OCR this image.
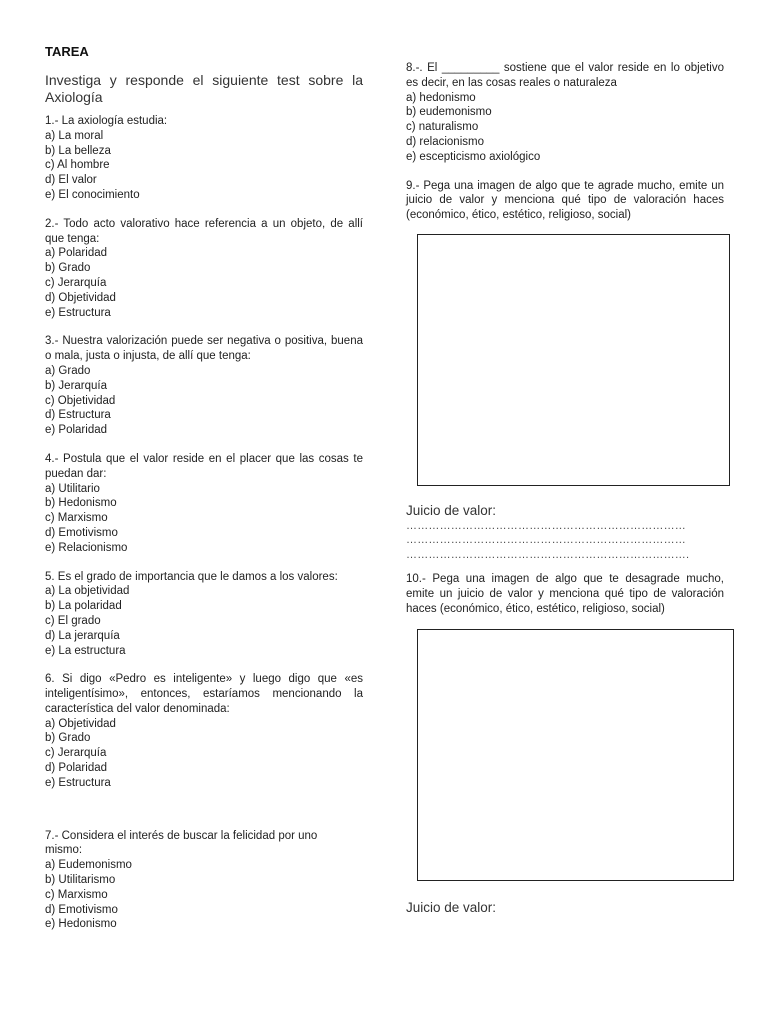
TAREA
Investiga y responde el siguiente test sobre la Axiología

1.- La axiología estudia:

a) La moral
b) La belleza
c) Al hombre
d) El valor
e) El conocimiento

2.- Todo acto valorativo hace referencia a un objeto, de allí que tenga:

a) Polaridad
b) Grado
c) Jerarquía
d) Objetividad
e) Estructura

3.- Nuestra valorización puede ser negativa o positiva, buena o mala, justa o injusta, de allí que tenga:

a) Grado
b) Jerarquía
c) Objetividad
d) Estructura
e) Polaridad

4.- Postula que el valor reside en el placer que las cosas te puedan dar:

a) Utilitario
b) Hedonismo
c) Marxismo
d) Emotivismo
e) Relacionismo

5. Es el grado de importancia que le damos a los valores:

a) La objetividad
b) La polaridad
c) El grado
d) La jerarquía
e) La estructura

6. Si digo «Pedro es inteligente» y luego digo que «es inteligentísimo», entonces, estaríamos mencionando la característica del valor denominada:

a) Objetividad
b) Grado
c) Jerarquía
d) Polaridad
e) Estructura

7.- Considera el interés de buscar la felicidad por uno mismo:

a) Eudemonismo
b) Utilitarismo
c) Marxismo
d) Emotivismo
e) Hedonismo

8.-. El _________ sostiene que el valor reside en lo objetivo es decir, en las cosas reales o naturaleza

a) hedonismo
b) eudemonismo
c) naturalismo
d) relacionismo
e) escepticismo axiológico

9.- Pega una imagen de algo que te agrade mucho, emite un juicio de valor y menciona qué tipo de valoración haces (económico, ético, estético, religioso, social)

Juicio de valor:
…………………………………………………………………
…………………………………………………………………
………………………………………………………………….

10.- Pega una imagen de algo que te desagrade mucho, emite un juicio de valor y menciona qué tipo de valoración haces (económico, ético, estético, religioso, social)

Juicio de valor:
